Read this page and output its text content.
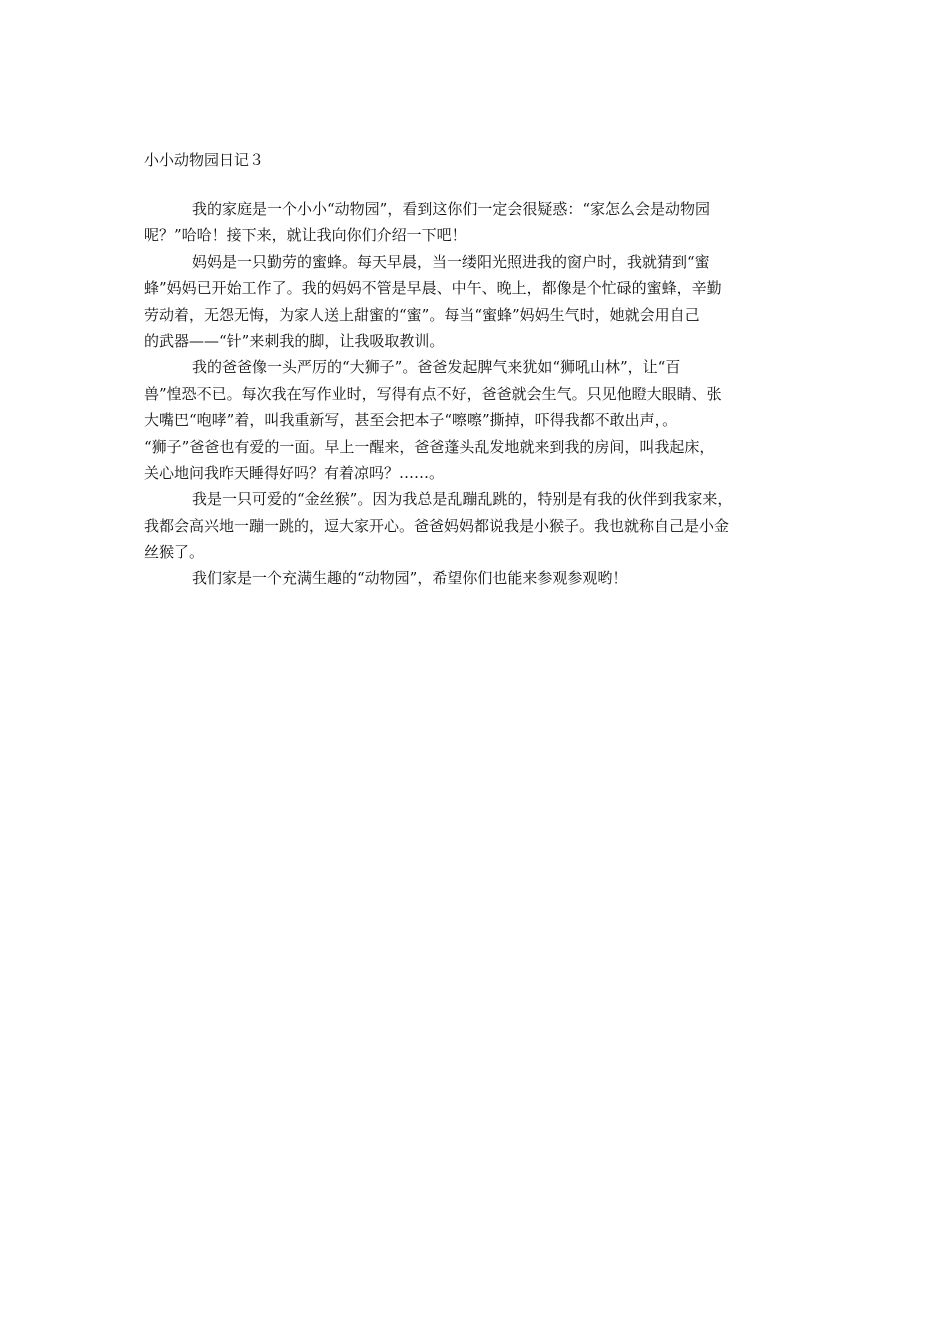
小小动物园日记３
我的家庭是一个小小“动物园”，看到这你们一定会很疑惑：“家怎么会是动物园
呢？”哈哈！接下来，就让我向你们介绍一下吧！
妈妈是一只勤劳的蜜蜂。每天早晨，当一缕阳光照进我的窗户时，我就猜到“蜜
蜂”妈妈已开始工作了。我的妈妈不管是早晨、中午、晚上，都像是个忙碌的蜜蜂，辛勤
劳动着，无怨无悔，为家人送上甜蜜的“蜜”。每当“蜜蜂”妈妈生气时，她就会用自己
的武器——“针”来刺我的脚，让我吸取教训。
我的爸爸像一头严厉的“大狮子”。爸爸发起脾气来犹如“狮吼山林”，让“百
兽”惶恐不已。每次我在写作业时，写得有点不好，爸爸就会生气。只见他瞪大眼睛、张
大嘴巴“咆哮”着，叫我重新写，甚至会把本子“嚓嚓”撕掉，吓得我都不敢出声，。
“狮子”爸爸也有爱的一面。早上一醒来，爸爸蓬头乱发地就来到我的房间，叫我起床，
关心地问我昨天睡得好吗？有着凉吗？……。
我是一只可爱的“金丝猴”。因为我总是乱蹦乱跳的，特别是有我的伙伴到我家来，
我都会高兴地一蹦一跳的，逗大家开心。爸爸妈妈都说我是小猴子。我也就称自己是小金
丝猴了。
我们家是一个充满生趣的“动物园”，希望你们也能来参观参观哟！
